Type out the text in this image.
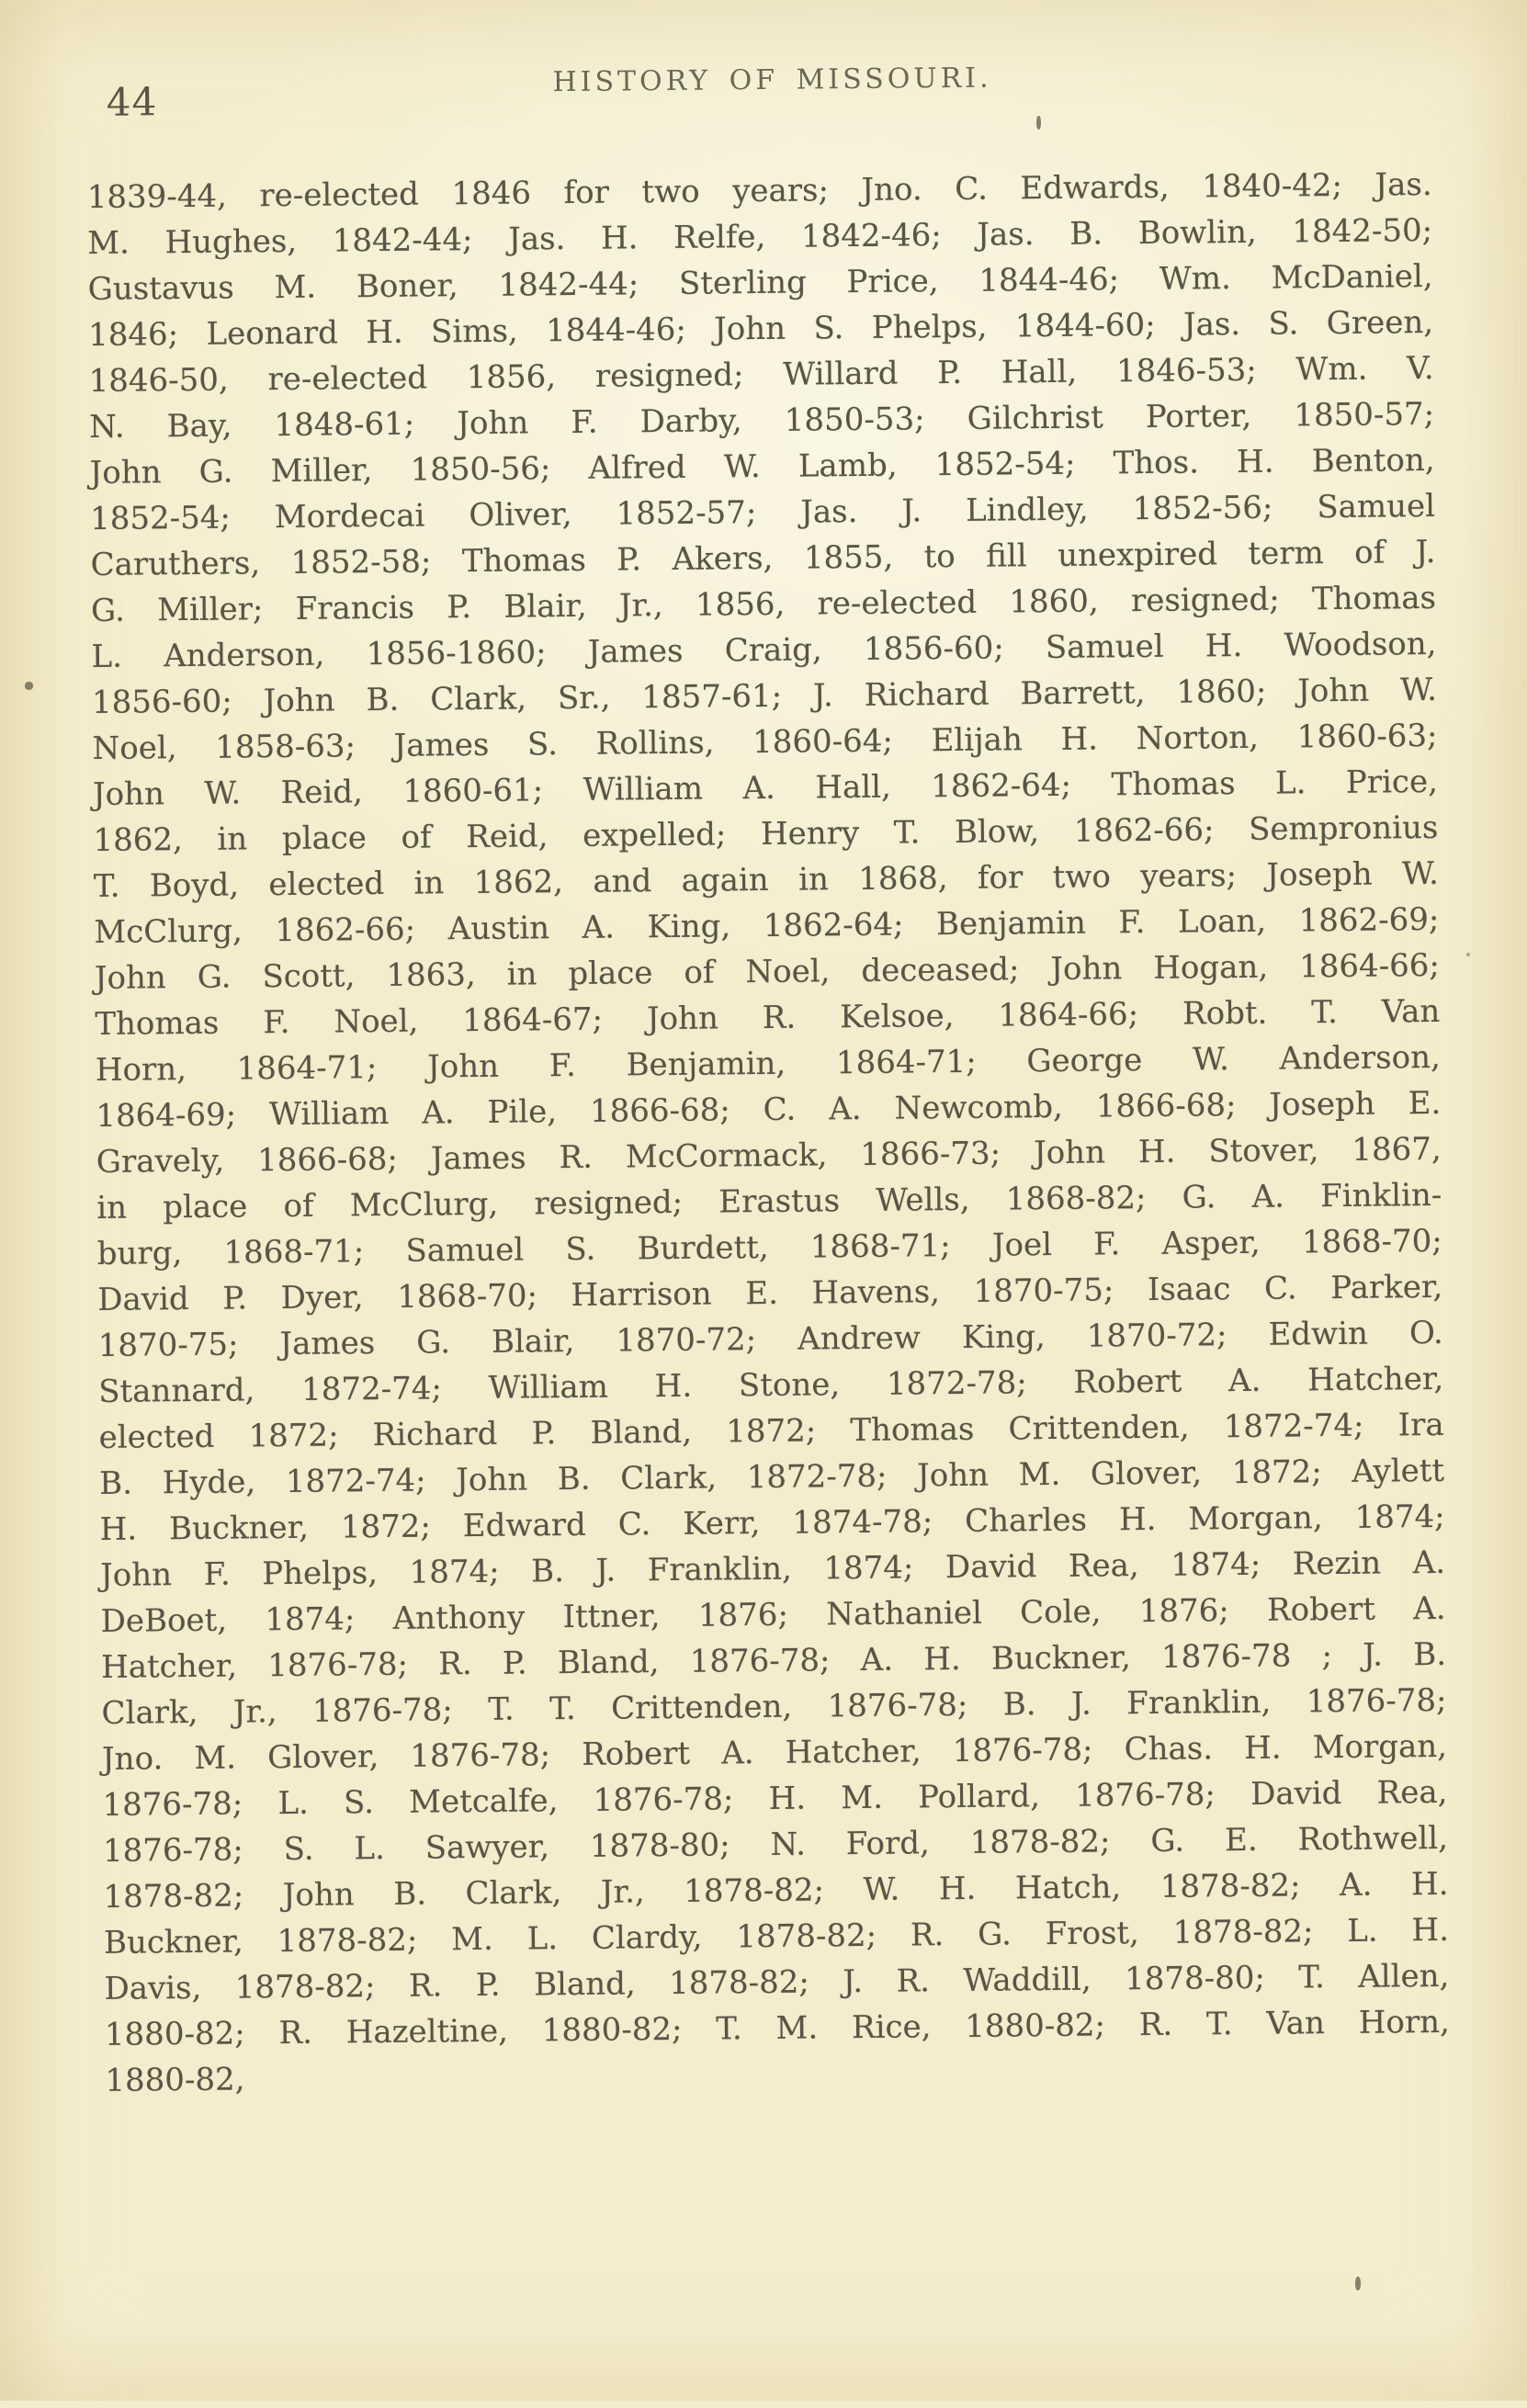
44	HISTORY OF MISSOURI.
1839-44, re-elected 1846 for two years; Jno. C. Edwards, 1840-42; Jas.
M. Hughes, 1842-44; Jas. H. Relfe, 1842-46; Jas. B. Bowlin, 1842-50;
Gustavus M. Boner, 1842-44; Sterling Price, 1844-46; Wm. McDaniel,
1846; Leonard H. Sims, 1844-46; John S. Phelps, 1844-60; Jas. S. Green,
1846-50, re-elected 1856, resigned; Willard P. Hall, 1846-53; Wm. V.
N. Bay, 1848-61; John F. Darby, 1850-53; Gilchrist Porter, 1850-57;
John G. Miller, 1850-56; Alfred W. Lamb, 1852-54; Thos. H. Benton,
1852-54; Mordecai Oliver, 1852-57; Jas. J. Lindley, 1852-56; Samuel
Caruthers, 1852-58; Thomas P. Akers, 1855, to fill unexpired term of J.
G. Miller; Francis P. Blair, Jr., 1856, re-elected 1860, resigned; Thomas
L. Anderson, 1856-1860; James Craig, 1856-60; Samuel H. Woodson,
1856-60; John B. Clark, Sr., 1857-61; J. Richard Barrett, 1860; John W.
Noel, 1858-63; James S. Rollins, 1860-64; Elijah H. Norton, 1860-63;
John W. Reid, 1860-61; William A. Hall, 1862-64; Thomas L. Price,
1862, in place of Reid, expelled; Henry T. Blow, 1862-66; Sempronius
T. Boyd, elected in 1862, and again in 1868, for two years; Joseph W.
McClurg, 1862-66; Austin A. King, 1862-64; Benjamin F. Loan, 1862-69;
John G. Scott, 1863, in place of Noel, deceased; John Hogan, 1864-66;
Thomas F. Noel, 1864-67; John R. Kelsoe, 1864-66; Robt. T. Van
Horn, 1864-71; John F. Benjamin, 1864-71; George W. Anderson,
1864-69; William A. Pile, 1866-68; C. A. Newcomb, 1866-68; Joseph E.
Gravely, 1866-68; James R. McCormack, 1866-73; John H. Stover, 1867,
in place of McClurg, resigned; Erastus Wells, 1868-82; G. A. Finklin-
burg, 1868-71; Samuel S. Burdett, 1868-71; Joel F. Asper, 1868-70;
David P. Dyer, 1868-70; Harrison E. Havens, 1870-75; Isaac C. Parker,
1870-75; James G. Blair, 1870-72; Andrew King, 1870-72; Edwin O.
Stannard, 1872-74; William H. Stone, 1872-78; Robert A. Hatcher,
elected 1872; Richard P. Bland, 1872; Thomas Crittenden, 1872-74; Ira
B. Hyde, 1872-74; John B. Clark, 1872-78; John M. Glover, 1872; Aylett
H. Buckner, 1872; Edward C. Kerr, 1874-78; Charles H. Morgan, 1874;
John F. Phelps, 1874; B. J. Franklin, 1874; David Rea, 1874; Rezin A.
DeBoet, 1874; Anthony Ittner, 1876; Nathaniel Cole, 1876; Robert A.
Hatcher, 1876-78; R. P. Bland, 1876-78; A. H. Buckner, 1876-78 ; J. B.
Clark, Jr., 1876-78; T. T. Crittenden, 1876-78; B. J. Franklin, 1876-78;
Jno. M. Glover, 1876-78; Robert A. Hatcher, 1876-78; Chas. H. Morgan,
1876-78; L. S. Metcalfe, 1876-78; H. M. Pollard, 1876-78; David Rea,
1876-78; S. L. Sawyer, 1878-80; N. Ford, 1878-82; G. E. Rothwell,
1878-82; John B. Clark, Jr., 1878-82; W. H. Hatch, 1878-82; A. H.
Buckner, 1878-82; M. L. Clardy, 1878-82; R. G. Frost, 1878-82; L. H.
Davis, 1878-82; R. P. Bland, 1878-82; J. R. Waddill, 1878-80; T. Allen,
1880-82; R. Hazeltine, 1880-82; T. M. Rice, 1880-82; R. T. Van Horn,
1880-82,
